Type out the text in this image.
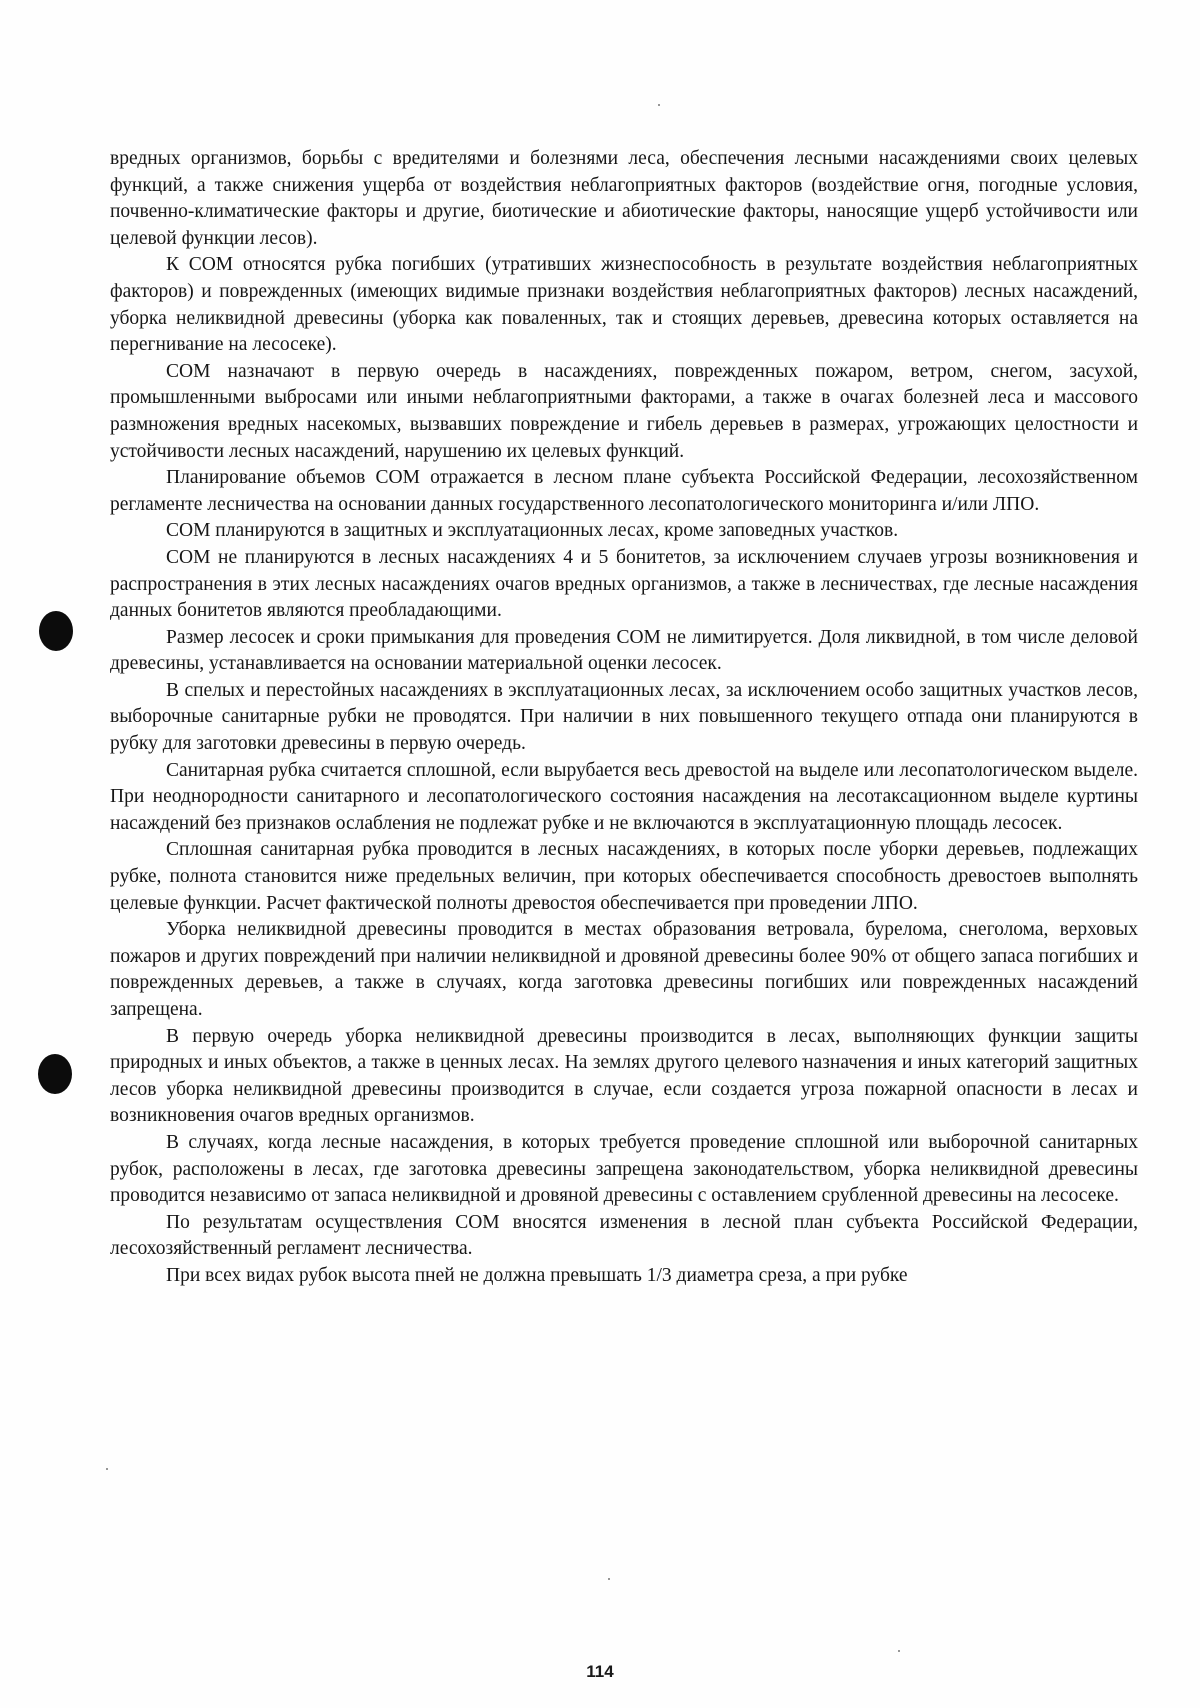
вредных организмов, борьбы с вредителями и болезнями леса, обеспечения лесными насаждениями своих целевых функций, а также снижения ущерба от воздействия неблагоприятных факторов (воздействие огня, погодные условия, почвенно-климатические факторы и другие, биотические и абиотические факторы, наносящие ущерб устойчивости или целевой функции лесов).

К СОМ относятся рубка погибших (утративших жизнеспособность в результате воздействия неблагоприятных факторов) и поврежденных (имеющих видимые признаки воздействия неблагоприятных факторов) лесных насаждений, уборка неликвидной древесины (уборка как поваленных, так и стоящих деревьев, древесина которых оставляется на перегнивание на лесосеке).

СОМ назначают в первую очередь в насаждениях, поврежденных пожаром, ветром, снегом, засухой, промышленными выбросами или иными неблагоприятными факторами, а также в очагах болезней леса и массового размножения вредных насекомых, вызвавших повреждение и гибель деревьев в размерах, угрожающих целостности и устойчивости лесных насаждений, нарушению их целевых функций.

Планирование объемов СОМ отражается в лесном плане субъекта Российской Федерации, лесохозяйственном регламенте лесничества на основании данных государственного лесопатологического мониторинга и/или ЛПО.

СОМ планируются в защитных и эксплуатационных лесах, кроме заповедных участков.

СОМ не планируются в лесных насаждениях 4 и 5 бонитетов, за исключением случаев угрозы возникновения и распространения в этих лесных насаждениях очагов вредных организмов, а также в лесничествах, где лесные насаждения данных бонитетов являются преобладающими.

Размер лесосек и сроки примыкания для проведения СОМ не лимитируется. Доля ликвидной, в том числе деловой древесины, устанавливается на основании материальной оценки лесосек.

В спелых и перестойных насаждениях в эксплуатационных лесах, за исключением особо защитных участков лесов, выборочные санитарные рубки не проводятся. При наличии в них повышенного текущего отпада они планируются в рубку для заготовки древесины в первую очередь.

Санитарная рубка считается сплошной, если вырубается весь древостой на выделе или лесопатологическом выделе. При неоднородности санитарного и лесопатологического состояния насаждения на лесотаксационном выделе куртины насаждений без признаков ослабления не подлежат рубке и не включаются в эксплуатационную площадь лесосек.

Сплошная санитарная рубка проводится в лесных насаждениях, в которых после уборки деревьев, подлежащих рубке, полнота становится ниже предельных величин, при которых обеспечивается способность древостоев выполнять целевые функции. Расчет фактической полноты древостоя обеспечивается при проведении ЛПО.

Уборка неликвидной древесины проводится в местах образования ветровала, бурелома, снеголома, верховых пожаров и других повреждений при наличии неликвидной и дровяной древесины более 90% от общего запаса погибших и поврежденных деревьев, а также в случаях, когда заготовка древесины погибших или поврежденных насаждений запрещена.

В первую очередь уборка неликвидной древесины производится в лесах, выполняющих функции защиты природных и иных объектов, а также в ценных лесах. На землях другого целевого назначения и иных категорий защитных лесов уборка неликвидной древесины производится в случае, если создается угроза пожарной опасности в лесах и возникновения очагов вредных организмов.

В случаях, когда лесные насаждения, в которых требуется проведение сплошной или выборочной санитарных рубок, расположены в лесах, где заготовка древесины запрещена законодательством, уборка неликвидной древесины проводится независимо от запаса неликвидной и дровяной древесины с оставлением срубленной древесины на лесосеке.

По результатам осуществления СОМ вносятся изменения в лесной план субъекта Российской Федерации, лесохозяйственный регламент лесничества.

При всех видах рубок высота пней не должна превышать 1/3 диаметра среза, а при рубке

114
